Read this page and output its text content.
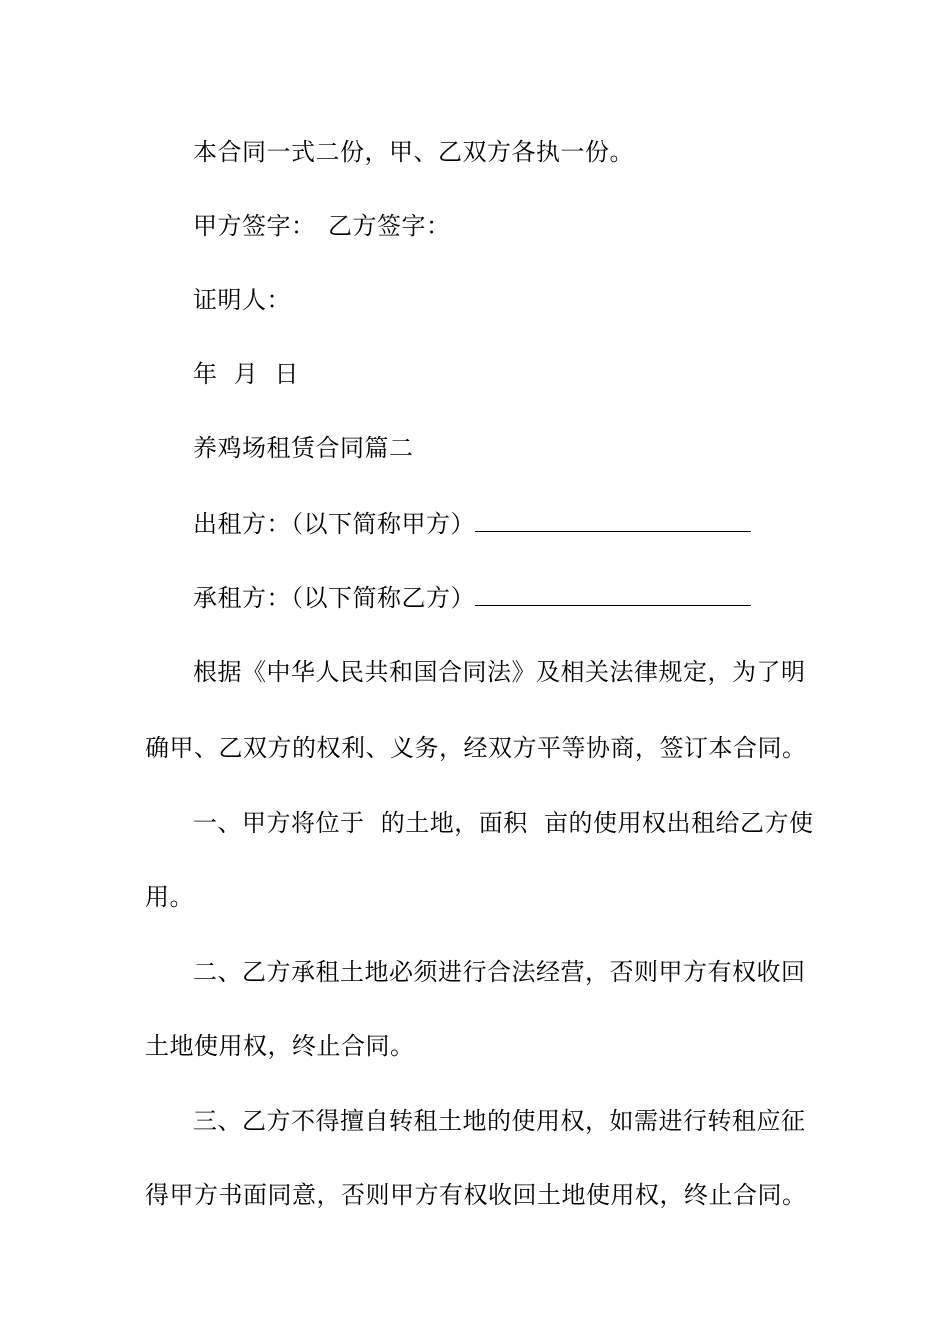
本合同一式二份，甲、乙双方各执一份。
甲方签字：　乙方签字：
证明人：
年  月  日
养鸡场租赁合同篇二
出租方：（以下简称甲方）
承租方：（以下简称乙方）
根据《中华人民共和国合同法》及相关法律规定，为了明
确甲、乙双方的权利、义务，经双方平等协商，签订本合同。
一、甲方将位于  的土地，面积  亩的使用权出租给乙方使
用。
二、乙方承租土地必须进行合法经营，否则甲方有权收回
土地使用权，终止合同。
三、乙方不得擅自转租土地的使用权，如需进行转租应征
得甲方书面同意，否则甲方有权收回土地使用权，终止合同。
